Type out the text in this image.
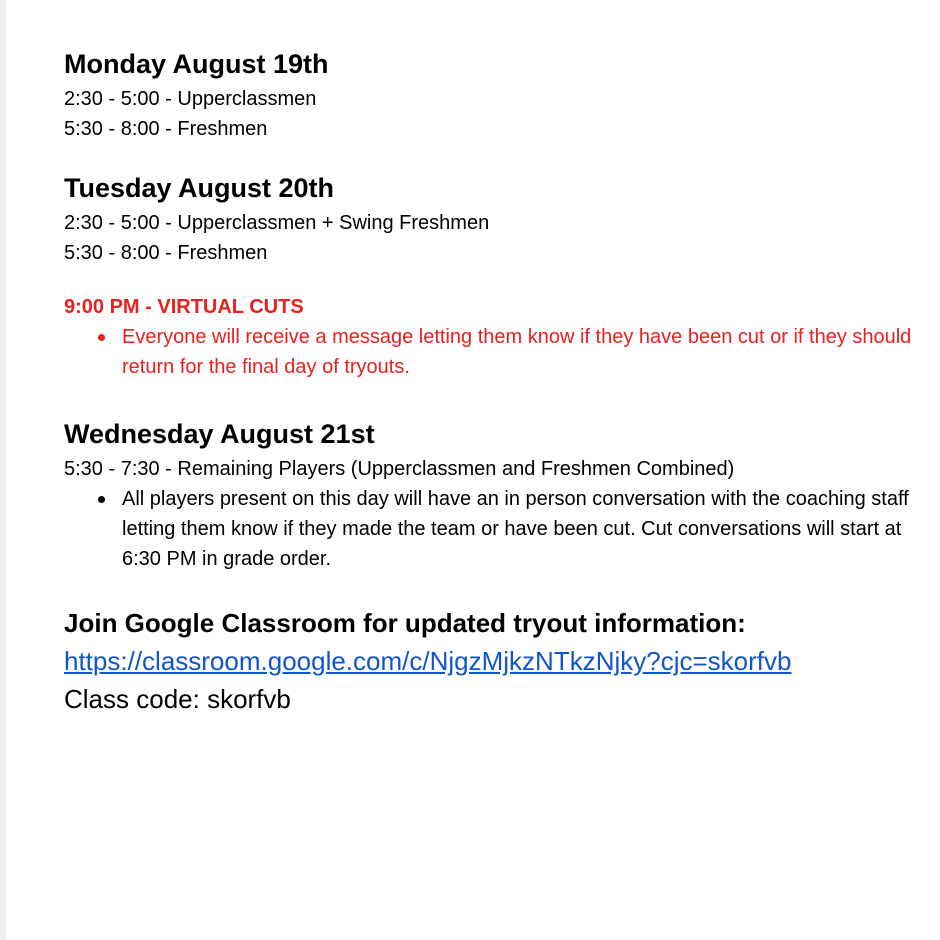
Monday August 19th

2:30 - 5:00 - Upperclassmen

5:30 - 8:00 - Freshmen

Tuesday August 20th

2:30 - 5:00 - Upperclassmen + Swing Freshmen

5:30 - 8:00 - Freshmen

9:00 PM - VIRTUAL CUTS

Everyone will receive a message letting them know if they have been cut or if they should return for the final day of tryouts.
Wednesday August 21st

5:30 - 7:30 - Remaining Players (Upperclassmen and Freshmen Combined)

All players present on this day will have an in person conversation with the coaching staff letting them know if they made the team or have been cut. Cut conversations will start at 6:30 PM in grade order.

Join Google Classroom for updated tryout information:

https://classroom.google.com/c/NjgzMjkzNTkzNjky?cjc=skorfvb

Class code: skorfvb
